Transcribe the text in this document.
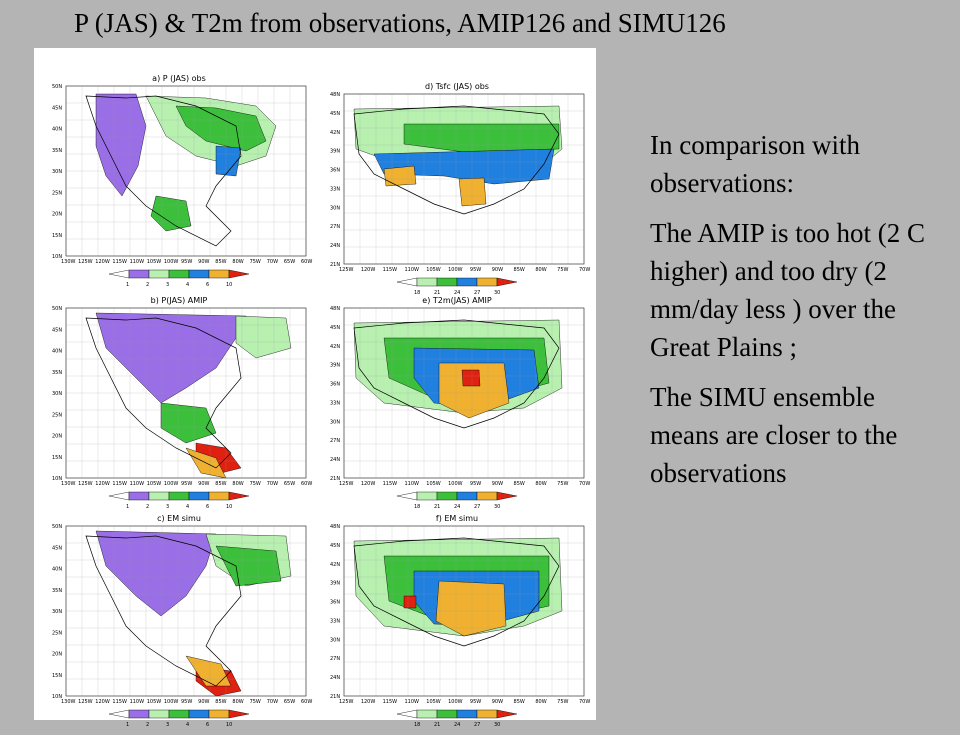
P (JAS) & T2m from observations, AMIP126 and SIMU126
a) P (JAS) obs
50N
45N
40N
35N
30N
25N
20N
15N
10N
130W 125W 120W 115W 110W 105W 100W 95W 90W 85W 80W 75W 70W 65W 60W
1	2	3	4	6	10
d) Tsfc (JAS) obs
48N
45N
42N
39N
36N
33N
30N
27N
24N
21N
125W 120W 115W 110W 105W 100W 95W 90W 85W 80W 75W 70W
18	21	24	27	30
b) P(JAS) AMIP
50N
45N
40N
35N
30N
25N
20N
15N
10N
130W 125W 120W 115W 110W 105W 100W 95W 90W 85W 80W 75W 70W 65W 60W
1	2	3	4	6	10
e) T2m(JAS) AMIP
48N
45N
42N
39N
36N
33N
30N
27N
24N
21N
125W 120W 115W 110W 105W 100W 95W 90W 85W 80W 75W 70W
18	21	24	27	30
c) EM simu
50N
45N
40N
35N
30N
25N
20N
15N
10N
130W 125W 120W 115W 110W 105W 100W 95W 90W 85W 80W 75W 70W 65W 60W
1	2	3	4	6	10
f) EM simu
48N
45N
42N
39N
36N
33N
30N
27N
24N
21N
125W 120W 115W 110W 105W 100W 95W 90W 85W 80W 75W 70W
18	21	24	27	30

In comparison with observations:

The AMIP is too hot (2 C higher) and too dry (2 mm/day less ) over the Great Plains ;

The SIMU ensemble means are closer to the observations
